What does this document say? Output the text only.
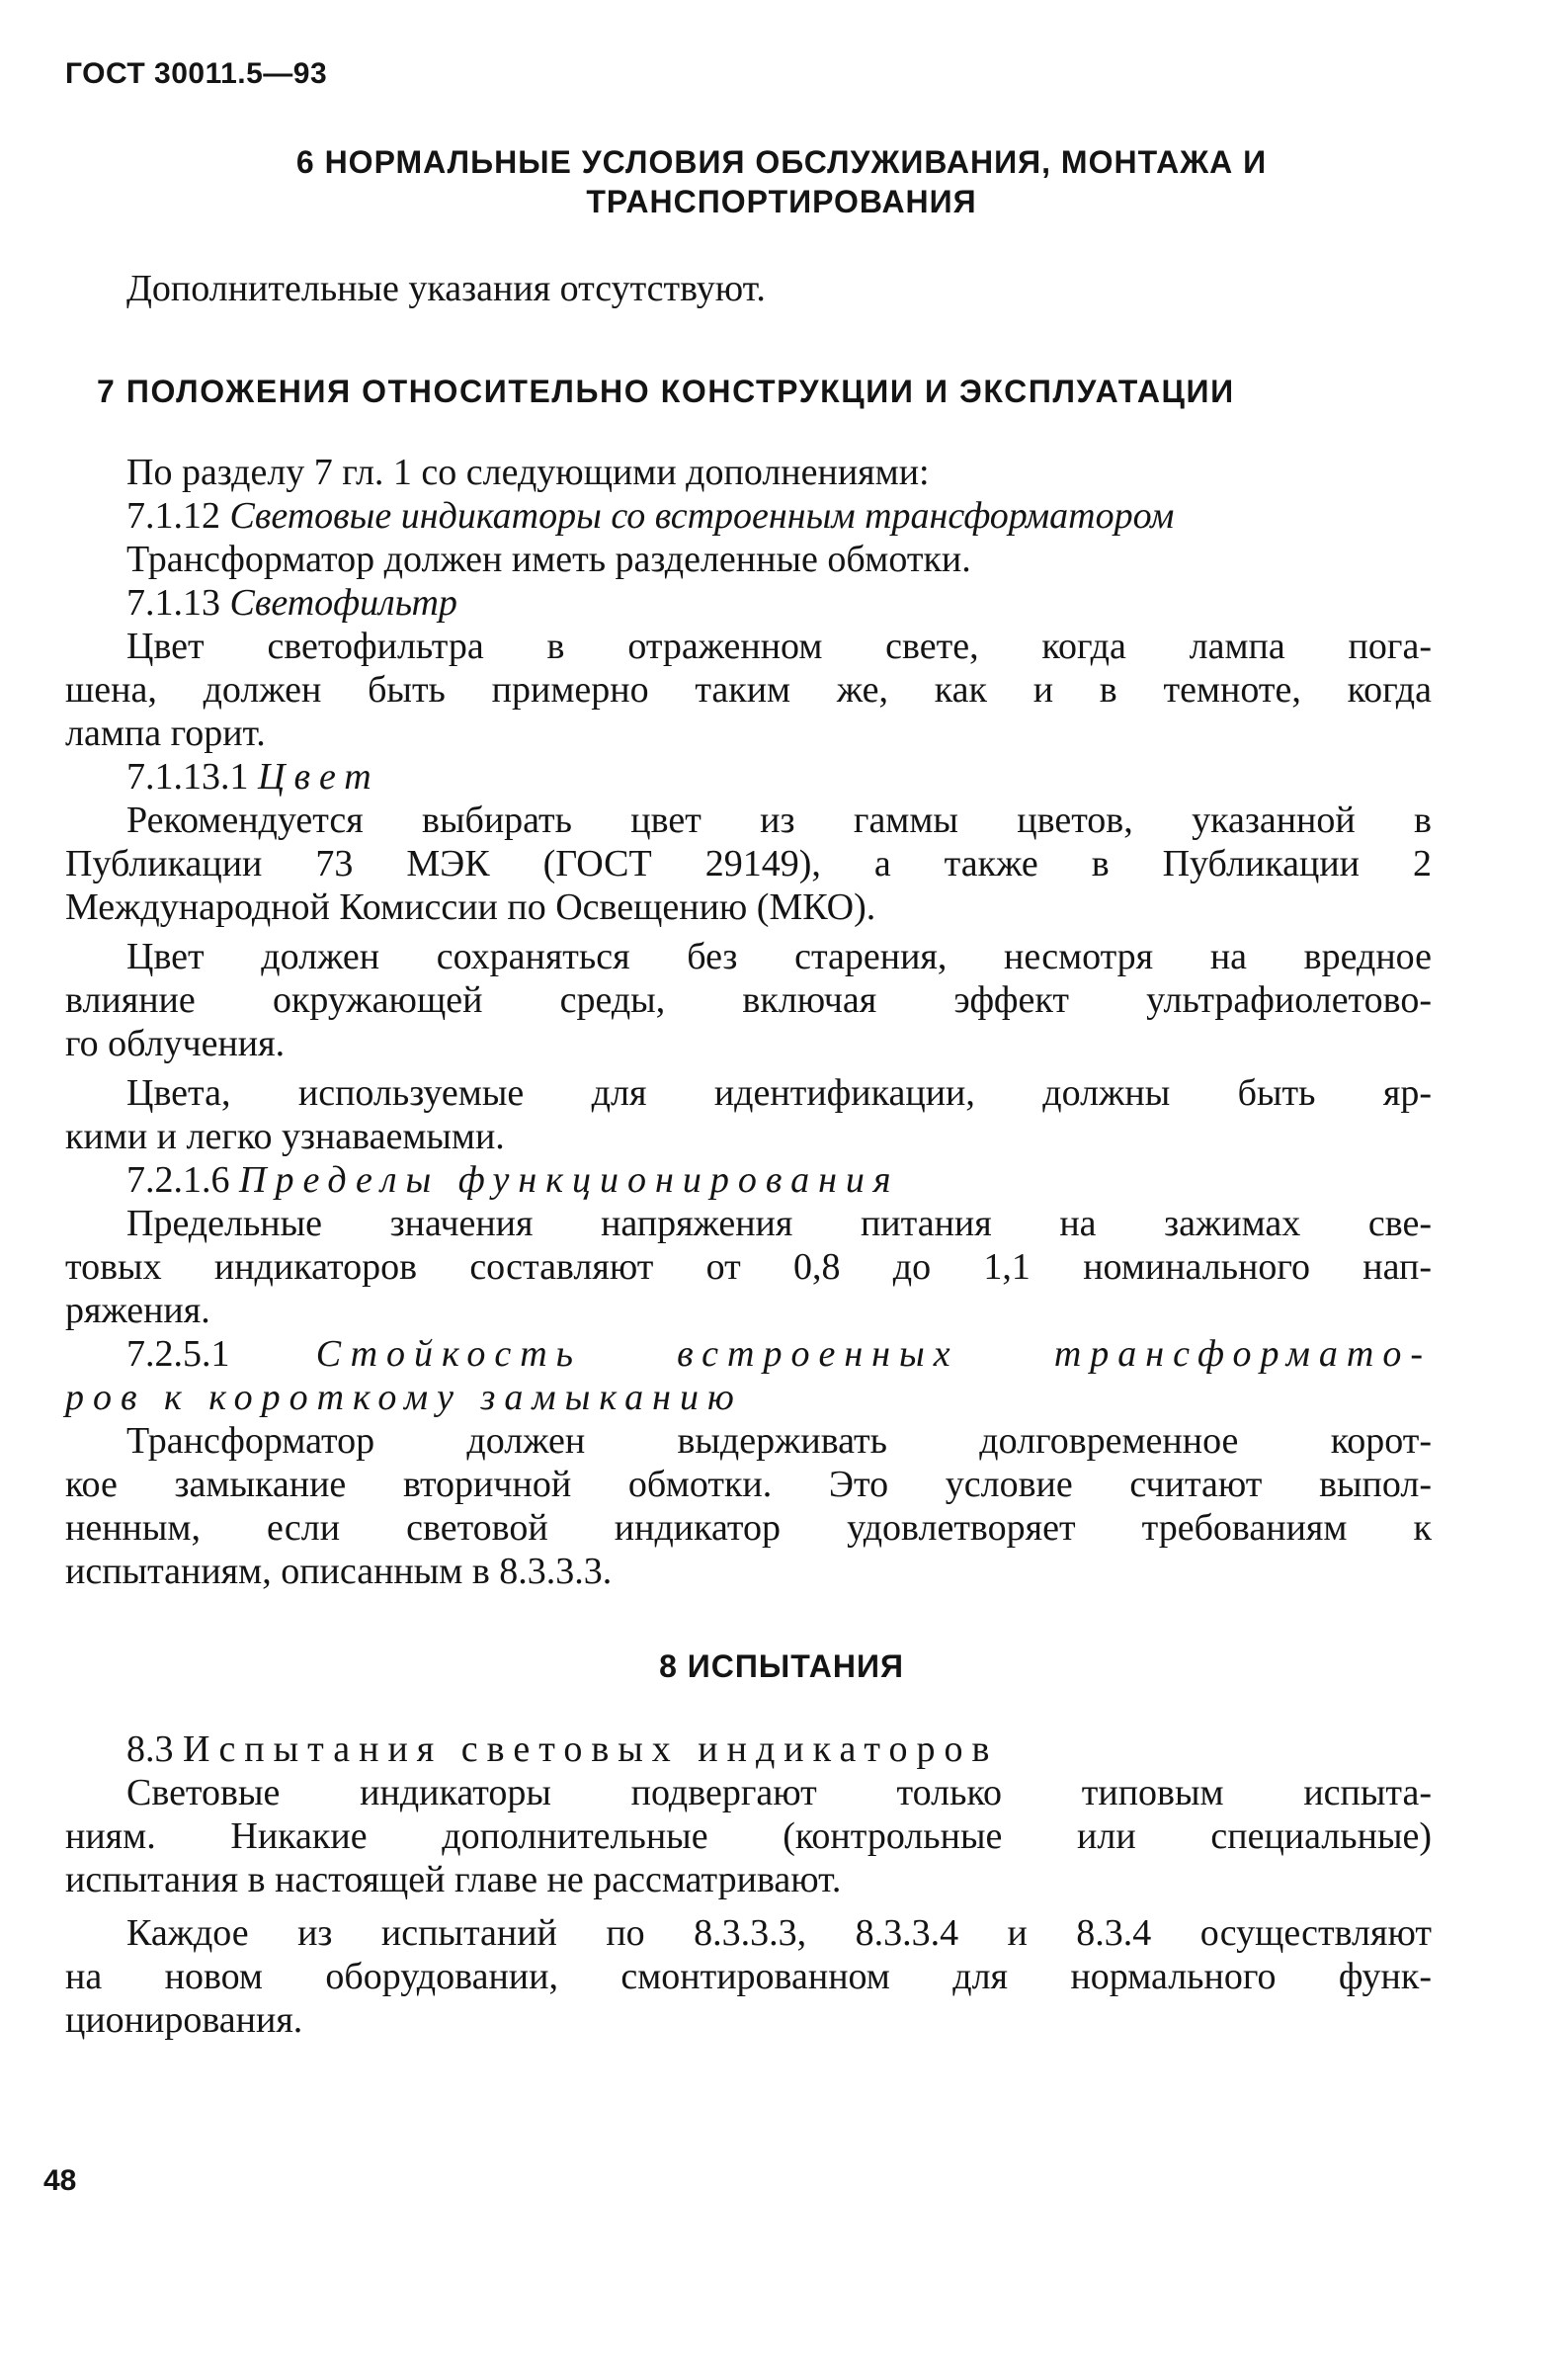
ГОСТ 30011.5—93
6 НОРМАЛЬНЫЕ УСЛОВИЯ ОБСЛУЖИВАНИЯ, МОНТАЖА И
ТРАНСПОРТИРОВАНИЯ
Дополнительные указания отсутствуют.
7 ПОЛОЖЕНИЯ ОТНОСИТЕЛЬНО КОНСТРУКЦИИ И ЭКСПЛУАТАЦИИ
По разделу 7 гл. 1 со следующими дополнениями:
7.1.12 Световые индикаторы со встроенным трансформатором
Трансформатор должен иметь разделенные обмотки.
7.1.13 Светофильтр
Цвет светофильтра в отраженном свете, когда лампа пога-
шена, должен быть примерно таким же, как и в темноте, когда
лампа горит.
7.1.13.1 Цвет
Рекомендуется выбирать цвет из гаммы цветов, указанной в
Публикации 73 МЭК (ГОСТ 29149), а также в Публикации 2
Международной Комиссии по Освещению (МКО).
Цвет должен сохраняться без старения, несмотря на вредное
влияние окружающей среды, включая эффект ультрафиолетово-
го облучения.
Цвета, используемые для идентификации, должны быть яр-
кими и легко узнаваемыми.
7.2.1.6 Пределы функционирования
Предельные значения напряжения питания на зажимах све-
товых индикаторов составляют от 0,8 до 1,1 номинального нап-
ряжения.
7.2.5.1 Стойкость встроенных трансформато-
ров к короткому замыканию
Трансформатор должен выдерживать долговременное корот-
кое замыкание вторичной обмотки. Это условие считают выпол-
ненным, если световой индикатор удовлетворяет требованиям к
испытаниям, описанным в 8.3.3.3.
8 ИСПЫТАНИЯ
8.3 Испытания световых индикаторов
Световые индикаторы подвергают только типовым испыта-
ниям. Никакие дополнительные (контрольные или специальные)
испытания в настоящей главе не рассматривают.
Каждое из испытаний по 8.3.3.3, 8.3.3.4 и 8.3.4 осуществляют
на новом оборудовании, смонтированном для нормального функ-
ционирования.
48
